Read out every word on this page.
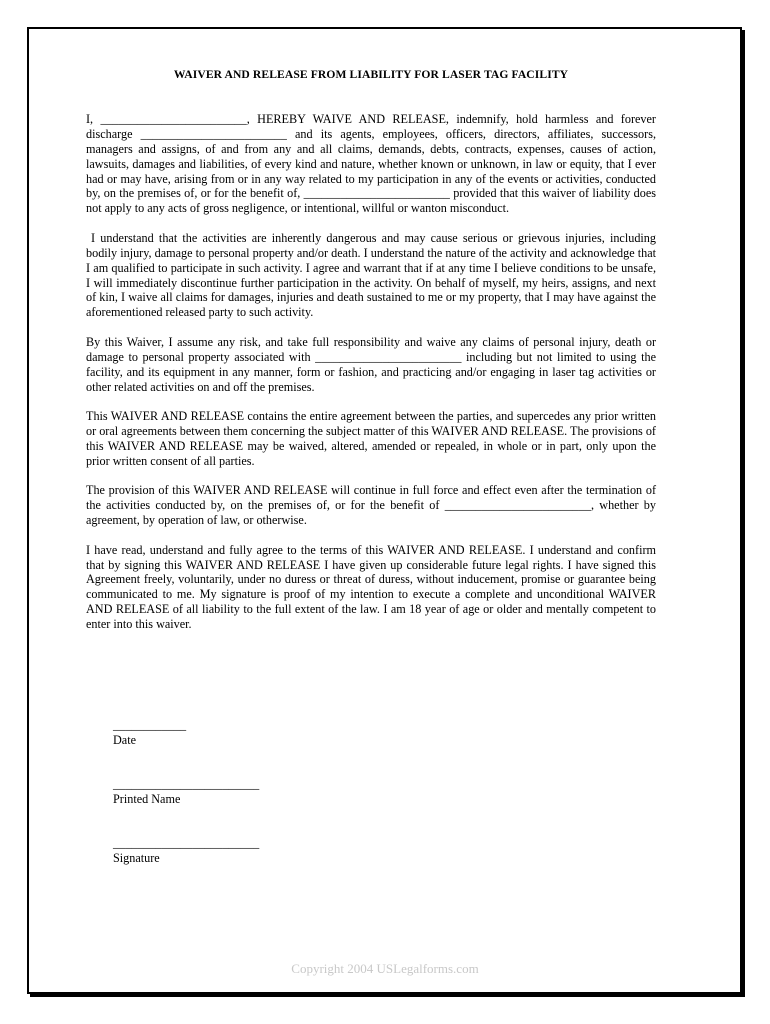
WAIVER AND RELEASE FROM LIABILITY FOR LASER TAG FACILITY

I, ________________________, HEREBY WAIVE AND RELEASE, indemnify, hold harmless and forever discharge ________________________ and its agents, employees, officers, directors, affiliates, successors, managers and assigns, of and from any and all claims, demands, debts, contracts, expenses, causes of action, lawsuits, damages and liabilities, of every kind and nature, whether known or unknown, in law or equity, that I ever had or may have, arising from or in any way related to my participation in any of the events or activities, conducted by, on the premises of, or for the benefit of, ________________________ provided that this waiver of liability does not apply to any acts of gross negligence, or intentional, willful or wanton misconduct.

I understand that the activities are inherently dangerous and may cause serious or grievous injuries, including bodily injury, damage to personal property and/or death. I understand the nature of the activity and acknowledge that I am qualified to participate in such activity. I agree and warrant that if at any time I believe conditions to be unsafe, I will immediately discontinue further participation in the activity. On behalf of myself, my heirs, assigns, and next of kin, I waive all claims for damages, injuries and death sustained to me or my property, that I may have against the aforementioned released party to such activity.

By this Waiver, I assume any risk, and take full responsibility and waive any claims of personal injury, death or damage to personal property associated with ________________________ including but not limited to using the facility, and its equipment in any manner, form or fashion, and practicing and/or engaging in laser tag activities or other related activities on and off the premises.

This WAIVER AND RELEASE contains the entire agreement between the parties, and supercedes any prior written or oral agreements between them concerning the subject matter of this WAIVER AND RELEASE. The provisions of this WAIVER AND RELEASE may be waived, altered, amended or repealed, in whole or in part, only upon the prior written consent of all parties.

The provision of this WAIVER AND RELEASE will continue in full force and effect even after the termination of the activities conducted by, on the premises of, or for the benefit of ________________________, whether by agreement, by operation of law, or otherwise.

I have read, understand and fully agree to the terms of this WAIVER AND RELEASE. I understand and confirm that by signing this WAIVER AND RELEASE I have given up considerable future legal rights. I have signed this Agreement freely, voluntarily, under no duress or threat of duress, without inducement, promise or guarantee being communicated to me. My signature is proof of my intention to execute a complete and unconditional WAIVER AND RELEASE of all liability to the full extent of the law. I am 18 year of age or older and mentally competent to enter into this waiver.

____________
Date
________________________
Printed Name
________________________
Signature
Copyright 2004 USLegalforms.com
